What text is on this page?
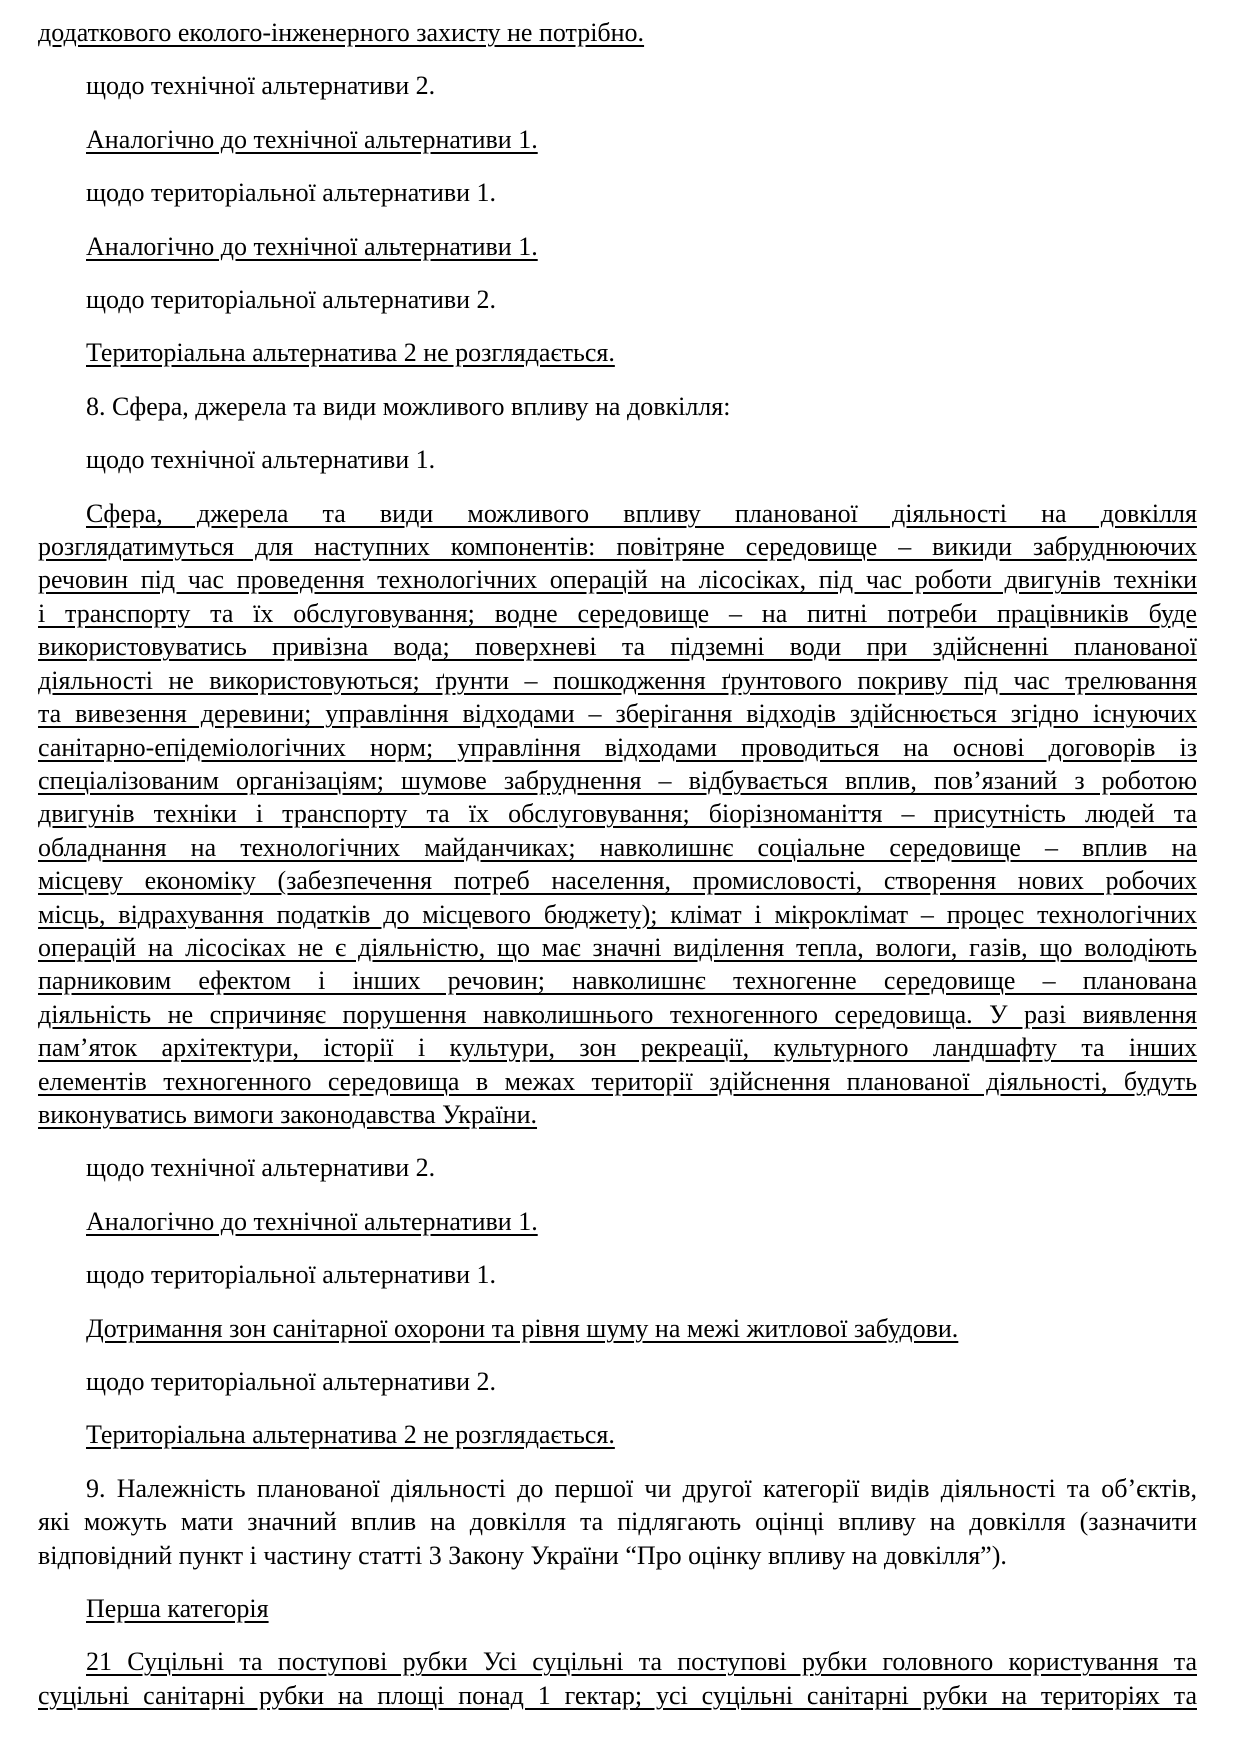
додаткового еколого-інженерного захисту не потрібно.
щодо технічної альтернативи 2.
Аналогічно до технічної альтернативи 1.
щодо територіальної альтернативи 1.
Аналогічно до технічної альтернативи 1.
щодо територіальної альтернативи 2.
Територіальна альтернатива 2 не розглядається.
8. Сфера, джерела та види можливого впливу на довкілля:
щодо технічної альтернативи 1.
Сфера, джерела та види можливого впливу планованої діяльності на довкілля
розглядатимуться для наступних компонентів: повітряне середовище – викиди забруднюючих
речовин під час проведення технологічних операцій на лісосіках, під час роботи двигунів техніки
і транспорту та їх обслуговування; водне середовище – на питні потреби працівників буде
використовуватись привізна вода; поверхневі та підземні води при здійсненні планованої
діяльності не використовуються; ґрунти – пошкодження ґрунтового покриву під час трелювання
та вивезення деревини; управління відходами – зберігання відходів здійснюється згідно існуючих
санітарно-епідеміологічних норм; управління відходами проводиться на основі договорів із
спеціалізованим організаціям; шумове забруднення – відбувається вплив, пов’язаний з роботою
двигунів техніки і транспорту та їх обслуговування; біорізноманіття – присутність людей та
обладнання на технологічних майданчиках; навколишнє соціальне середовище – вплив на
місцеву економіку (забезпечення потреб населення, промисловості, створення нових робочих
місць, відрахування податків до місцевого бюджету); клімат і мікроклімат – процес технологічних
операцій на лісосіках не є діяльністю, що має значні виділення тепла, вологи, газів, що володіють
парниковим ефектом і інших речовин; навколишнє техногенне середовище – планована
діяльність не спричиняє порушення навколишнього техногенного середовища. У разі виявлення
пам’яток архітектури, історії і культури, зон рекреації, культурного ландшафту та інших
елементів техногенного середовища в межах території здійснення планованої діяльності, будуть
виконуватись вимоги законодавства України.
щодо технічної альтернативи 2.
Аналогічно до технічної альтернативи 1.
щодо територіальної альтернативи 1.
Дотримання зон санітарної охорони та рівня шуму на межі житлової забудови.
щодо територіальної альтернативи 2.
Територіальна альтернатива 2 не розглядається.
9. Належність планованої діяльності до першої чи другої категорії видів діяльності та об’єктів,
які можуть мати значний вплив на довкілля та підлягають оцінці впливу на довкілля (зазначити
відповідний пункт і частину статті 3 Закону України “Про оцінку впливу на довкілля”).
Перша категорія
21 Суцільні та поступові рубки Усі суцільні та поступові рубки головного користування та
суцільні санітарні рубки на площі понад 1 гектар; усі суцільні санітарні рубки на територіях та
